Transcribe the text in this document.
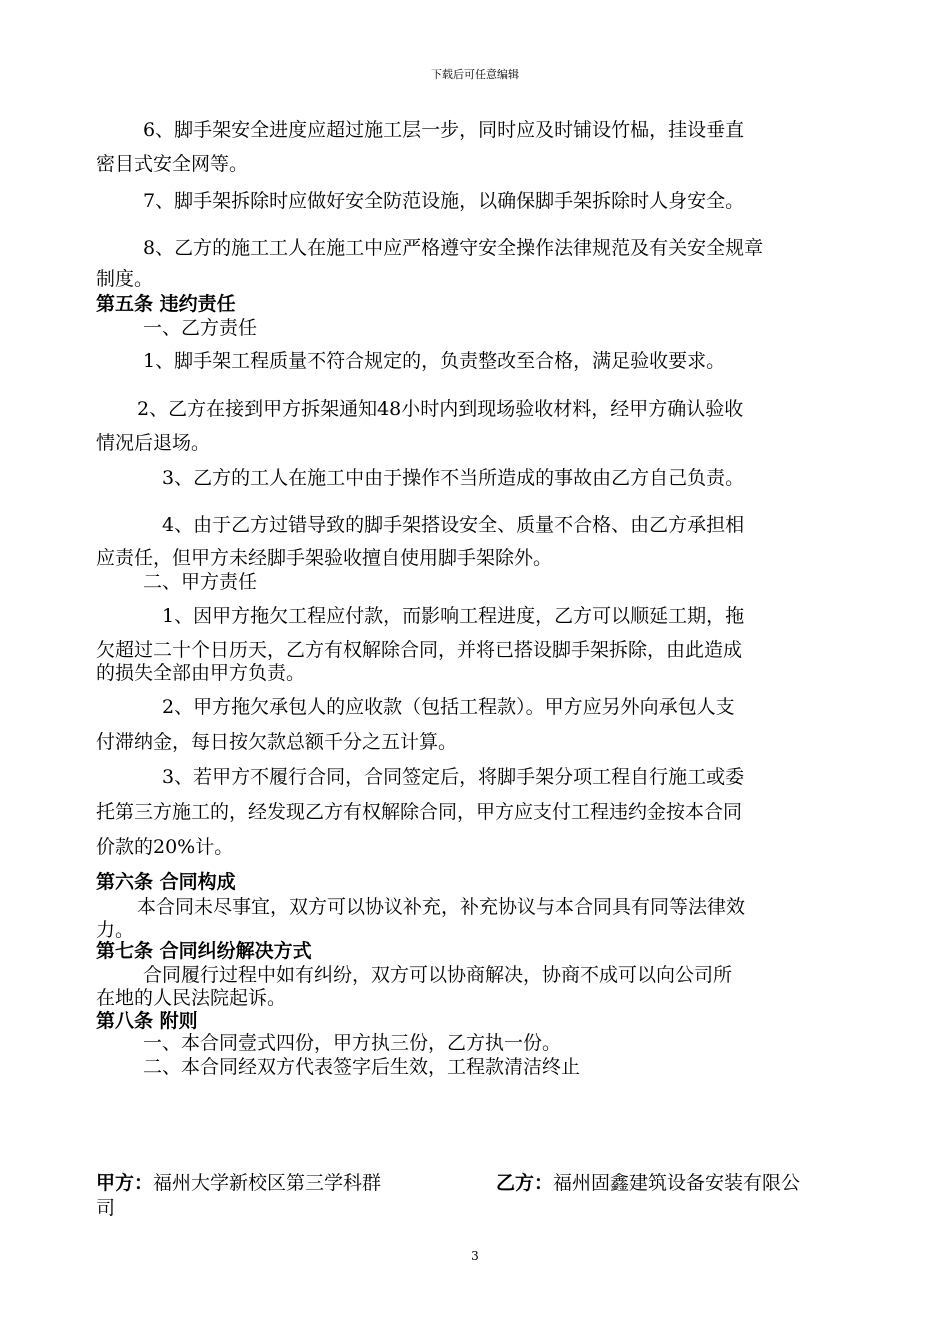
下载后可任意编辑
6、脚手架安全进度应超过施工层一步，同时应及时铺设竹榀，挂设垂直
密目式安全网等。
7、脚手架拆除时应做好安全防范设施，以确保脚手架拆除时人身安全。
8、乙方的施工工人在施工中应严格遵守安全操作法律规范及有关安全规章
制度。
第五条 违约责任
一、乙方责任
1、脚手架工程质量不符合规定的，负责整改至合格，满足验收要求。
2、乙方在接到甲方拆架通知48小时内到现场验收材料，经甲方确认验收
情况后退场。
3、乙方的工人在施工中由于操作不当所造成的事故由乙方自己负责。
4、由于乙方过错导致的脚手架搭设安全、质量不合格、由乙方承担相
应责任，但甲方未经脚手架验收擅自使用脚手架除外。
二、甲方责任
1、因甲方拖欠工程应付款，而影响工程进度，乙方可以顺延工期，拖
欠超过二十个日历天，乙方有权解除合同，并将已搭设脚手架拆除，由此造成
的损失全部由甲方负责。
2、甲方拖欠承包人的应收款（包括工程款）。甲方应另外向承包人支
付滞纳金，每日按欠款总额千分之五计算。
3、若甲方不履行合同，合同签定后，将脚手架分项工程自行施工或委
托第三方施工的，经发现乙方有权解除合同，甲方应支付工程违约金按本合同
价款的20%计。
第六条 合同构成
本合同未尽事宜，双方可以协议补充，补充协议与本合同具有同等法律效
力。
第七条 合同纠纷解决方式
合同履行过程中如有纠纷，双方可以协商解决，协商不成可以向公司所
在地的人民法院起诉。
第八条 附则
一、本合同壹式四份，甲方执三份，乙方执一份。
二、本合同经双方代表签字后生效，工程款清洁终止
甲方：福州大学新校区第三学科群	乙方：福州固鑫建筑设备安装有限公
司
3
